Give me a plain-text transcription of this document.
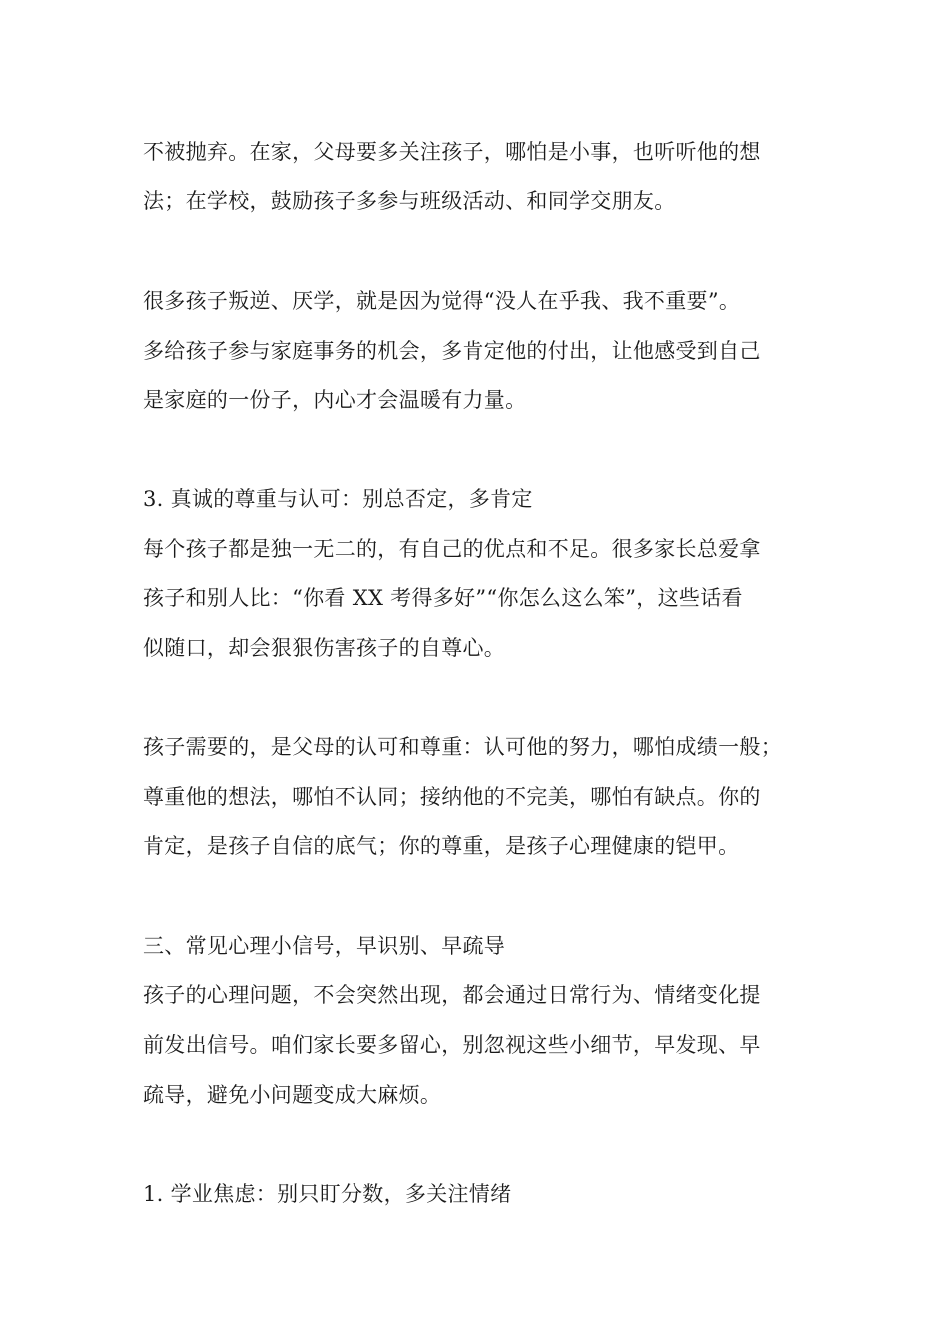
不被抛弃。在家，父母要多关注孩子，哪怕是小事，也听听他的想
法；在学校，鼓励孩子多参与班级活动、和同学交朋友。
很多孩子叛逆、厌学，就是因为觉得“没人在乎我、我不重要”。
多给孩子参与家庭事务的机会，多肯定他的付出，让他感受到自己
是家庭的一份子，内心才会温暖有力量。
3. 真诚的尊重与认可：别总否定，多肯定
每个孩子都是独一无二的，有自己的优点和不足。很多家长总爱拿
孩子和别人比：“你看 XX 考得多好”“你怎么这么笨”，这些话看
似随口，却会狠狠伤害孩子的自尊心。
孩子需要的，是父母的认可和尊重：认可他的努力，哪怕成绩一般；
尊重他的想法，哪怕不认同；接纳他的不完美，哪怕有缺点。你的
肯定，是孩子自信的底气；你的尊重，是孩子心理健康的铠甲。
三、常见心理小信号，早识别、早疏导
孩子的心理问题，不会突然出现，都会通过日常行为、情绪变化提
前发出信号。咱们家长要多留心，别忽视这些小细节，早发现、早
疏导，避免小问题变成大麻烦。
1. 学业焦虑：别只盯分数，多关注情绪
